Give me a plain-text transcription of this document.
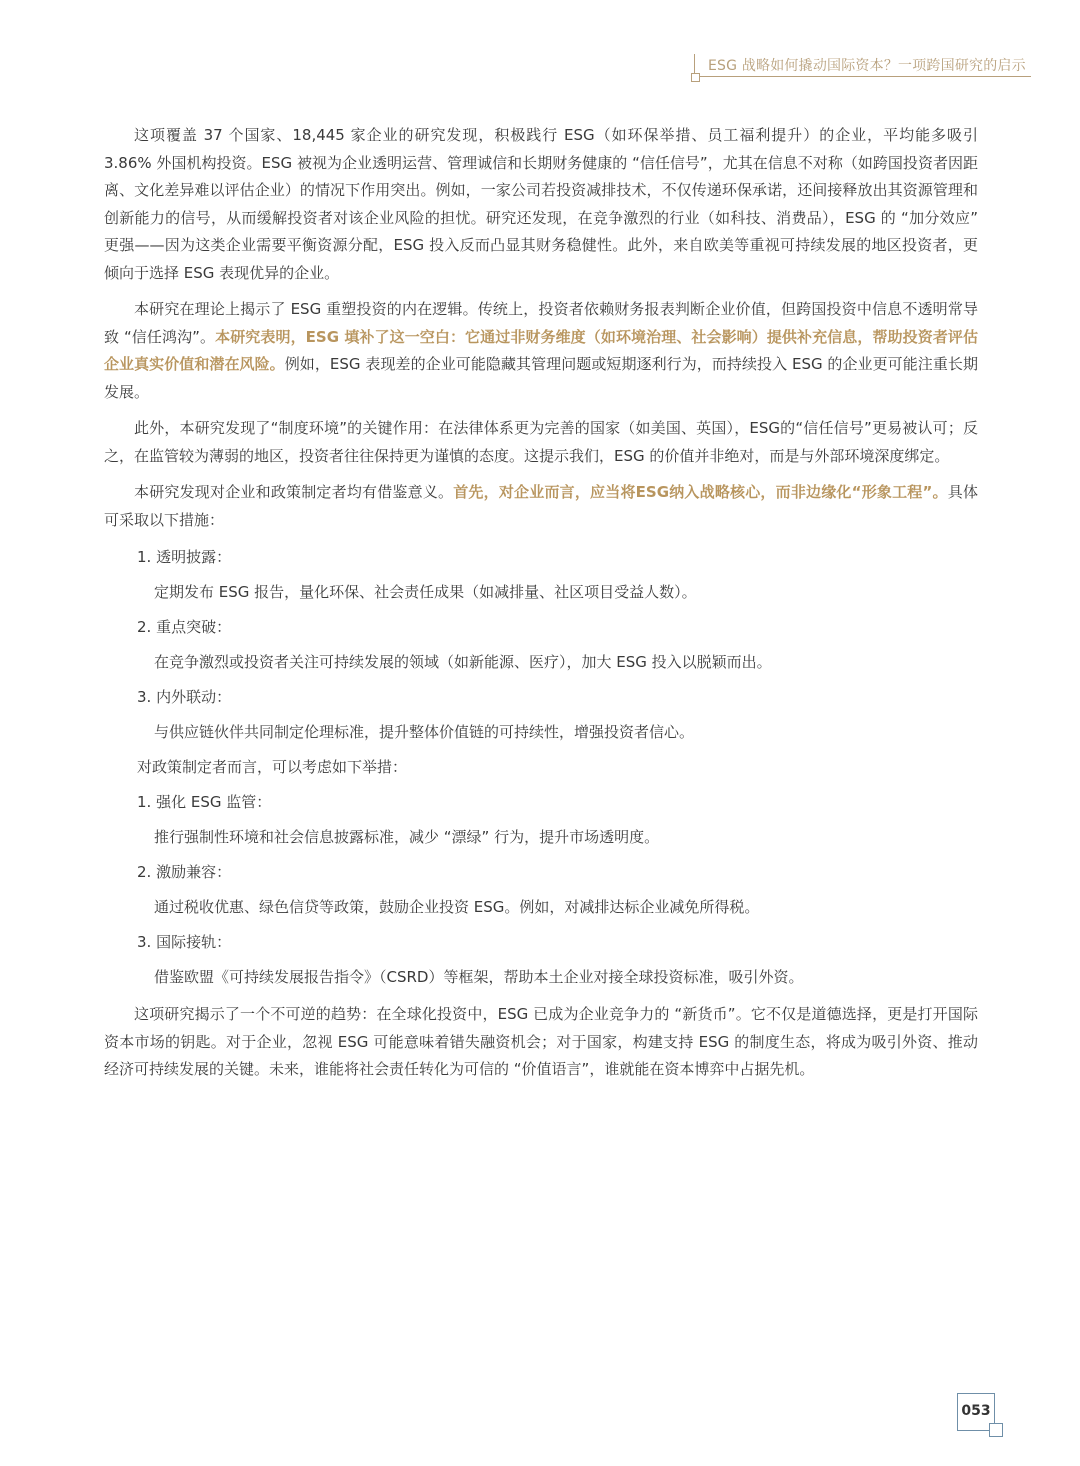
ESG 战略如何撬动国际资本？一项跨国研究的启示

这项覆盖 37 个国家、18,445 家企业的研究发现，积极践行 ESG（如环保举措、员工福利提升）的企业，平均能多吸引 3.86% 外国机构投资。ESG 被视为企业透明运营、管理诚信和长期财务健康的 “信任信号”，尤其在信息不对称（如跨国投资者因距离、文化差异难以评估企业）的情况下作用突出。例如，一家公司若投资减排技术，不仅传递环保承诺，还间接释放出其资源管理和创新能力的信号，从而缓解投资者对该企业风险的担忧。研究还发现，在竞争激烈的行业（如科技、消费品），ESG 的 “加分效应” 更强——因为这类企业需要平衡资源分配，ESG 投入反而凸显其财务稳健性。此外，来自欧美等重视可持续发展的地区投资者，更倾向于选择 ESG 表现优异的企业。

本研究在理论上揭示了 ESG 重塑投资的内在逻辑。传统上，投资者依赖财务报表判断企业价值，但跨国投资中信息不透明常导致 “信任鸿沟”。本研究表明，ESG 填补了这一空白：它通过非财务维度（如环境治理、社会影响）提供补充信息，帮助投资者评估企业真实价值和潜在风险。例如，ESG 表现差的企业可能隐藏其管理问题或短期逐利行为，而持续投入 ESG 的企业更可能注重长期发展。

此外，本研究发现了“制度环境”的关键作用：在法律体系更为完善的国家（如美国、英国），ESG的“信任信号”更易被认可；反之，在监管较为薄弱的地区，投资者往往保持更为谨慎的态度。这提示我们，ESG 的价值并非绝对，而是与外部环境深度绑定。

本研究发现对企业和政策制定者均有借鉴意义。首先，对企业而言，应当将ESG纳入战略核心，而非边缘化“形象工程”。具体可采取以下措施：

1. 透明披露：
定期发布 ESG 报告，量化环保、社会责任成果（如减排量、社区项目受益人数）。
2. 重点突破：
在竞争激烈或投资者关注可持续发展的领域（如新能源、医疗），加大 ESG 投入以脱颖而出。
3. 内外联动：
与供应链伙伴共同制定伦理标准，提升整体价值链的可持续性，增强投资者信心。
对政策制定者而言，可以考虑如下举措：
1. 强化 ESG 监管：
推行强制性环境和社会信息披露标准，减少 “漂绿” 行为，提升市场透明度。
2. 激励兼容：
通过税收优惠、绿色信贷等政策，鼓励企业投资 ESG。例如，对减排达标企业减免所得税。
3. 国际接轨：
借鉴欧盟《可持续发展报告指令》（CSRD）等框架，帮助本土企业对接全球投资标准，吸引外资。

这项研究揭示了一个不可逆的趋势：在全球化投资中，ESG 已成为企业竞争力的 “新货币”。它不仅是道德选择，更是打开国际资本市场的钥匙。对于企业，忽视 ESG 可能意味着错失融资机会；对于国家，构建支持 ESG 的制度生态，将成为吸引外资、推动经济可持续发展的关键。未来，谁能将社会责任转化为可信的 “价值语言”，谁就能在资本博弈中占据先机。

053
